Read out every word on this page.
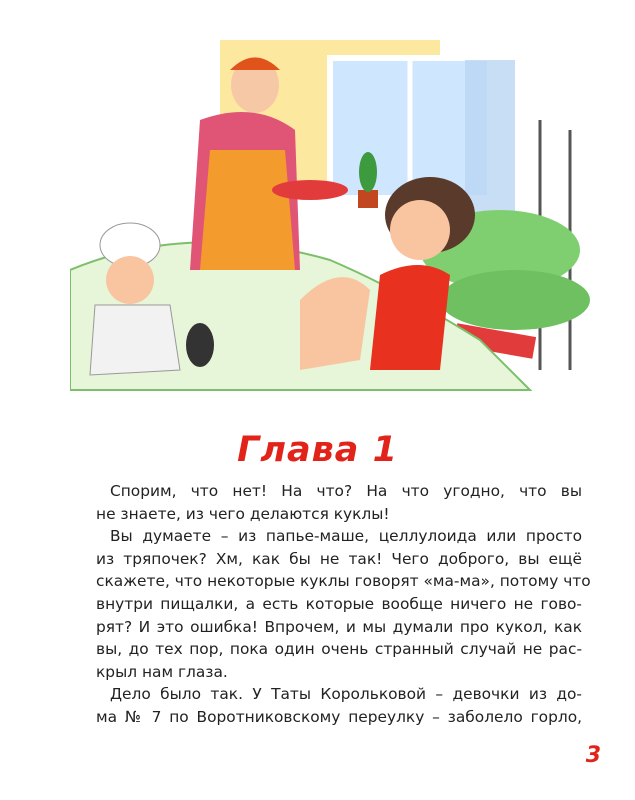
Глава 1
Спорим, что нет! На что? На что угодно, что вы
не знаете, из чего делаются куклы!
Вы думаете – из папье-маше, целлулоида или просто
из тряпочек? Хм, как бы не так! Чего доброго, вы ещё
скажете, что некоторые куклы говорят «ма-ма», потому что
внутри пищалки, а есть которые вообще ничего не гово-
рят? И это ошибка! Впрочем, и мы думали про кукол, как
вы, до тех пор, пока один очень странный случай не рас-
крыл нам глаза.
Дело было так. У Таты Корольковой – девочки из до-
ма № 7 по Воротниковскому переулку – заболело горло,
3
